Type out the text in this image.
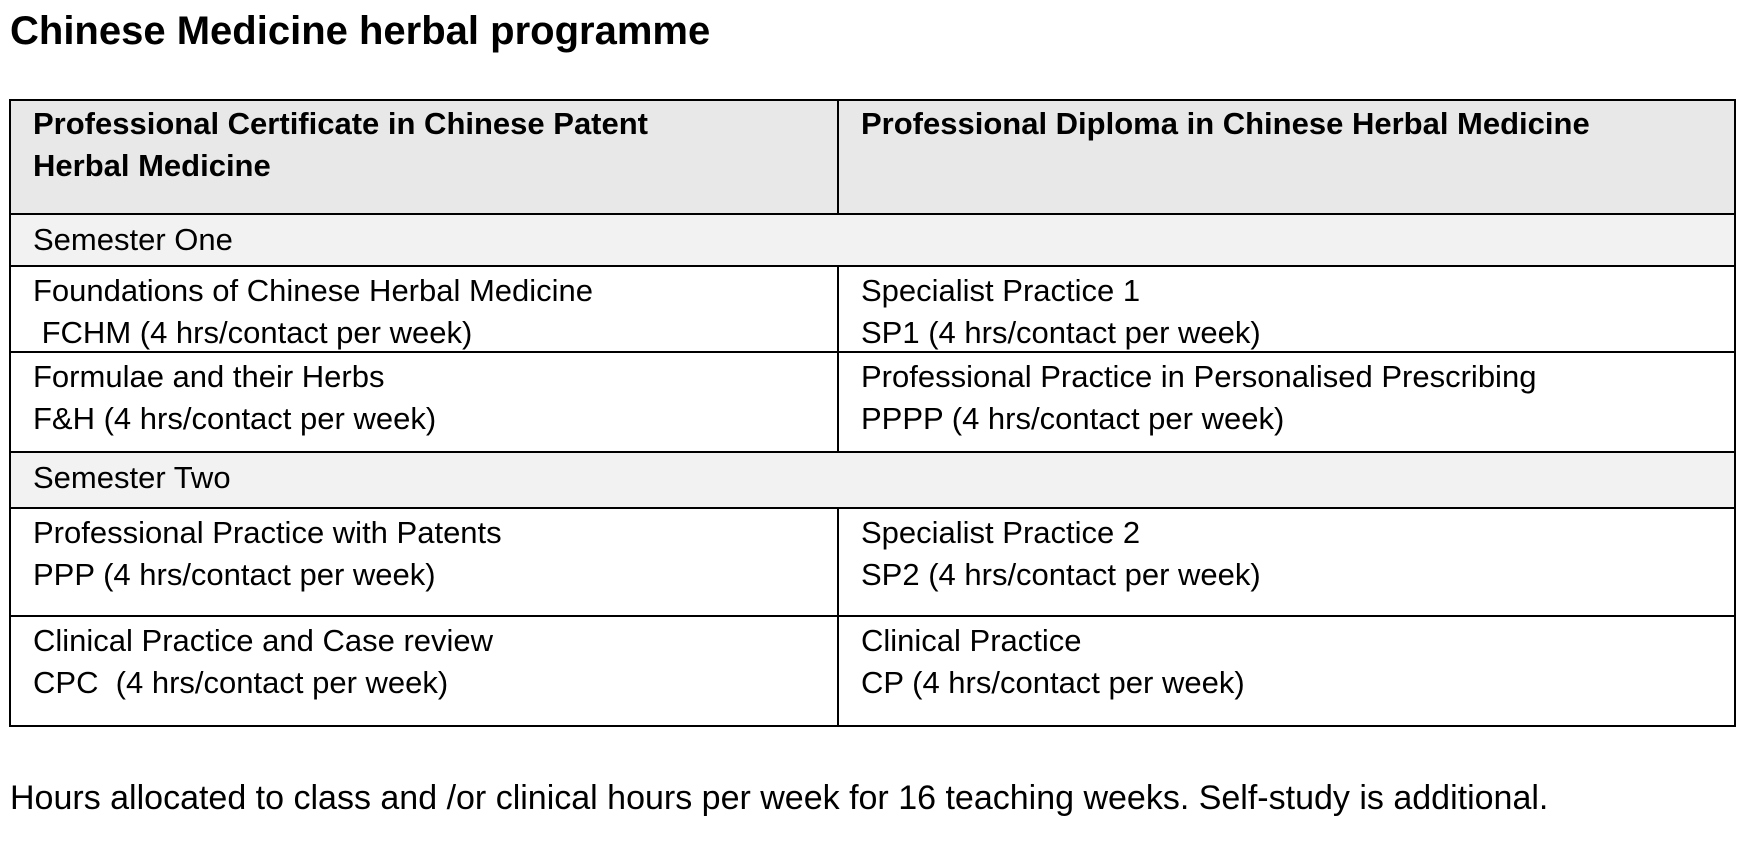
Chinese Medicine herbal programme
Professional Certificate in Chinese Patent
Herbal Medicine
Professional Diploma in Chinese Herbal Medicine
Semester One
Foundations of Chinese Herbal Medicine
FCHM (4 hrs/contact per week)
Specialist Practice 1
SP1 (4 hrs/contact per week)
Formulae and their Herbs
F&H (4 hrs/contact per week)
Professional Practice in Personalised Prescribing
PPPP (4 hrs/contact per week)
Semester Two
Professional Practice with Patents
PPP (4 hrs/contact per week)
Specialist Practice 2
SP2 (4 hrs/contact per week)
Clinical Practice and Case review
CPC  (4 hrs/contact per week)
Clinical Practice
CP (4 hrs/contact per week)

Hours allocated to class and /or clinical hours per week for 16 teaching weeks. Self-study is additional.
